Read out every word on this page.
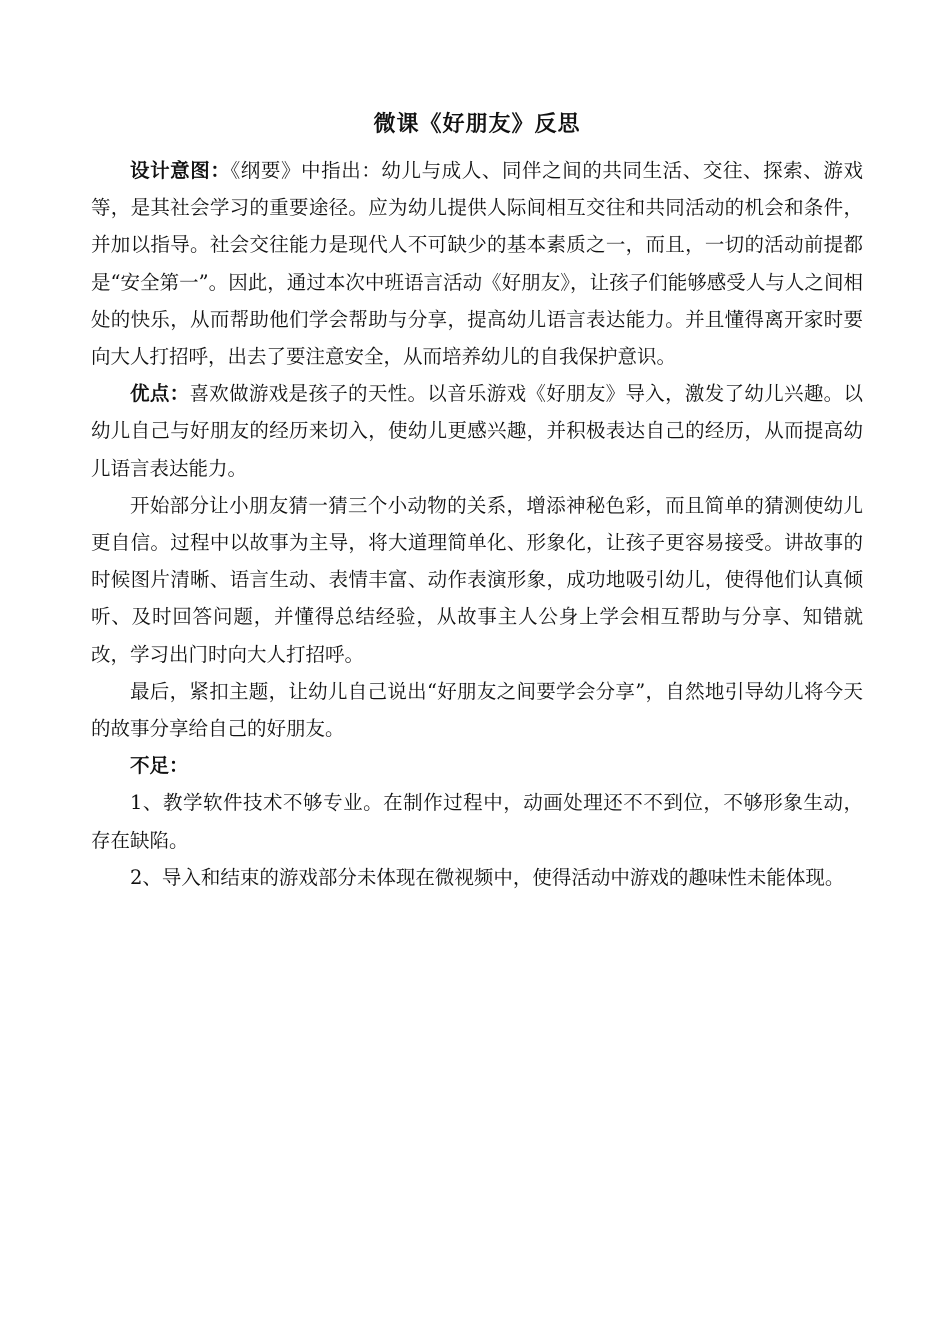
微课《好朋友》反思

设计意图：《纲要》中指出：幼儿与成人、同伴之间的共同生活、交往、探索、游戏等，是其社会学习的重要途径。应为幼儿提供人际间相互交往和共同活动的机会和条件，并加以指导。社会交往能力是现代人不可缺少的基本素质之一，而且，一切的活动前提都是“安全第一”。因此，通过本次中班语言活动《好朋友》，让孩子们能够感受人与人之间相处的快乐，从而帮助他们学会帮助与分享，提高幼儿语言表达能力。并且懂得离开家时要向大人打招呼，出去了要注意安全，从而培养幼儿的自我保护意识。

优点：喜欢做游戏是孩子的天性。以音乐游戏《好朋友》导入，激发了幼儿兴趣。以幼儿自己与好朋友的经历来切入，使幼儿更感兴趣，并积极表达自己的经历，从而提高幼儿语言表达能力。

开始部分让小朋友猜一猜三个小动物的关系，增添神秘色彩，而且简单的猜测使幼儿更自信。过程中以故事为主导，将大道理简单化、形象化，让孩子更容易接受。讲故事的时候图片清晰、语言生动、表情丰富、动作表演形象，成功地吸引幼儿，使得他们认真倾听、及时回答问题，并懂得总结经验，从故事主人公身上学会相互帮助与分享、知错就改，学习出门时向大人打招呼。

最后，紧扣主题，让幼儿自己说出“好朋友之间要学会分享”，自然地引导幼儿将今天的故事分享给自己的好朋友。

不足：

1、教学软件技术不够专业。在制作过程中，动画处理还不不到位，不够形象生动，存在缺陷。

2、导入和结束的游戏部分未体现在微视频中，使得活动中游戏的趣味性未能体现。
